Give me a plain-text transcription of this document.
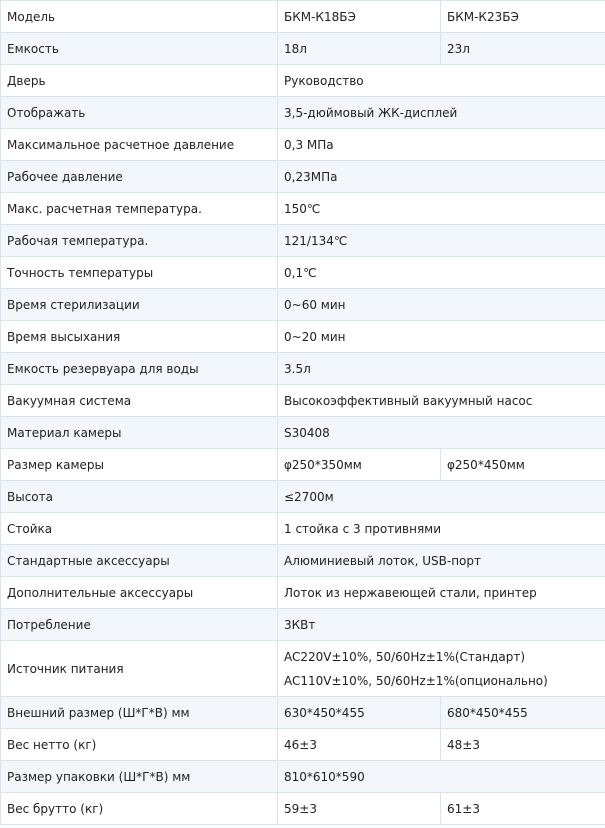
Модель	БКМ-К18БЭ	БКМ-К23БЭ
Емкость	18л	23л
Дверь	Руководство	
Отображать	3,5-дюймовый ЖК-дисплей	
Максимальное расчетное давление	0,3 МПа	
Рабочее давление	0,23МПа	
Макс. расчетная температура.	150℃	
Рабочая температура.	121/134℃	
Точность температуры	0,1℃	
Время стерилизации	0~60 мин	
Время высыхания	0~20 мин	
Емкость резервуара для воды	3.5л	
Вакуумная система	Высокоэффективный вакуумный насос	
Материал камеры	S30408	
Размер камеры	φ250*350мм	φ250*450мм
Высота	≤2700м	
Стойка	1 стойка с 3 противнями	
Стандартные аксессуары	Алюминиевый лоток, USB-порт	
Дополнительные аксессуары	Лоток из нержавеющей стали, принтер	
Потребление	3КВт	
Источник питания	AC220V±10%, 50/60Hz±1%(Стандарт)
AC110V±10%, 50/60Hz±1%(опционально)	

Внешний размер (Ш*Г*В) мм	630*450*455	680*450*455
Вес нетто (кг)	46±3	48±3
Размер упаковки (Ш*Г*В) мм	810*610*590	
Вес брутто (кг)	59±3	61±3
